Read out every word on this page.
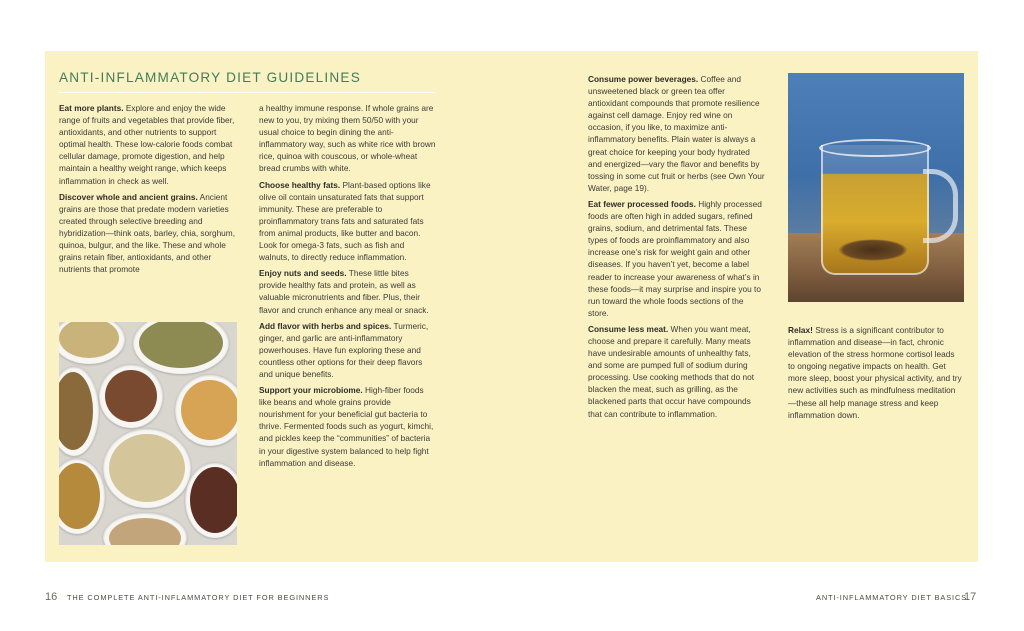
ANTI-INFLAMMATORY DIET GUIDELINES

Eat more plants. Explore and enjoy the wide range of fruits and vegetables that provide fiber, antioxidants, and other nutrients to support optimal health. These low-calorie foods combat cellular damage, promote digestion, and help maintain a healthy weight range, which keeps inflammation in check as well.

Discover whole and ancient grains. Ancient grains are those that predate modern varieties created through selective breeding and hybridization—think oats, barley, chia, sorghum, quinoa, bulgur, and the like. These and whole grains retain fiber, antioxidants, and other nutrients that promote

a healthy immune response. If whole grains are new to you, try mixing them 50/50 with your usual choice to begin dining the anti-inflammatory way, such as white rice with brown rice, quinoa with couscous, or whole-wheat bread crumbs with white.

Choose healthy fats. Plant-based options like olive oil contain unsaturated fats that support immunity. These are preferable to proinflammatory trans fats and saturated fats from animal products, like butter and bacon. Look for omega-3 fats, such as fish and walnuts, to directly reduce inflammation.

Enjoy nuts and seeds. These little bites provide healthy fats and protein, as well as valuable micronutrients and fiber. Plus, their flavor and crunch enhance any meal or snack.

Add flavor with herbs and spices. Turmeric, ginger, and garlic are anti-inflammatory powerhouses. Have fun exploring these and countless other options for their deep flavors and unique benefits.

Support your microbiome. High-fiber foods like beans and whole grains provide nourishment for your beneficial gut bacteria to thrive. Fermented foods such as yogurt, kimchi, and pickles keep the “communities” of bacteria in your digestive system balanced to help fight inflammation and disease.

Consume power beverages. Coffee and unsweetened black or green tea offer antioxidant compounds that promote resilience against cell damage. Enjoy red wine on occasion, if you like, to maximize anti-inflammatory benefits. Plain water is always a great choice for keeping your body hydrated and energized—vary the flavor and benefits by tossing in some cut fruit or herbs (see Own Your Water, page 19).

Eat fewer processed foods. Highly processed foods are often high in added sugars, refined grains, sodium, and detrimental fats. These types of foods are proinflammatory and also increase one’s risk for weight gain and other diseases. If you haven’t yet, become a label reader to increase your awareness of what’s in these foods—it may surprise and inspire you to run toward the whole foods sections of the store.

Consume less meat. When you want meat, choose and prepare it carefully. Many meats have undesirable amounts of unhealthy fats, and some are pumped full of sodium during processing. Use cooking methods that do not blacken the meat, such as grilling, as the blackened parts that occur have compounds that can contribute to inflammation.

Relax! Stress is a significant contributor to inflammation and disease—in fact, chronic elevation of the stress hormone cortisol leads to ongoing negative impacts on health. Get more sleep, boost your physical activity, and try new activities such as mindfulness meditation—these all help manage stress and keep inflammation down.

16 THE COMPLETE ANTI-INFLAMMATORY DIET FOR BEGINNERS	ANTI-INFLAMMATORY DIET BASICS
17
